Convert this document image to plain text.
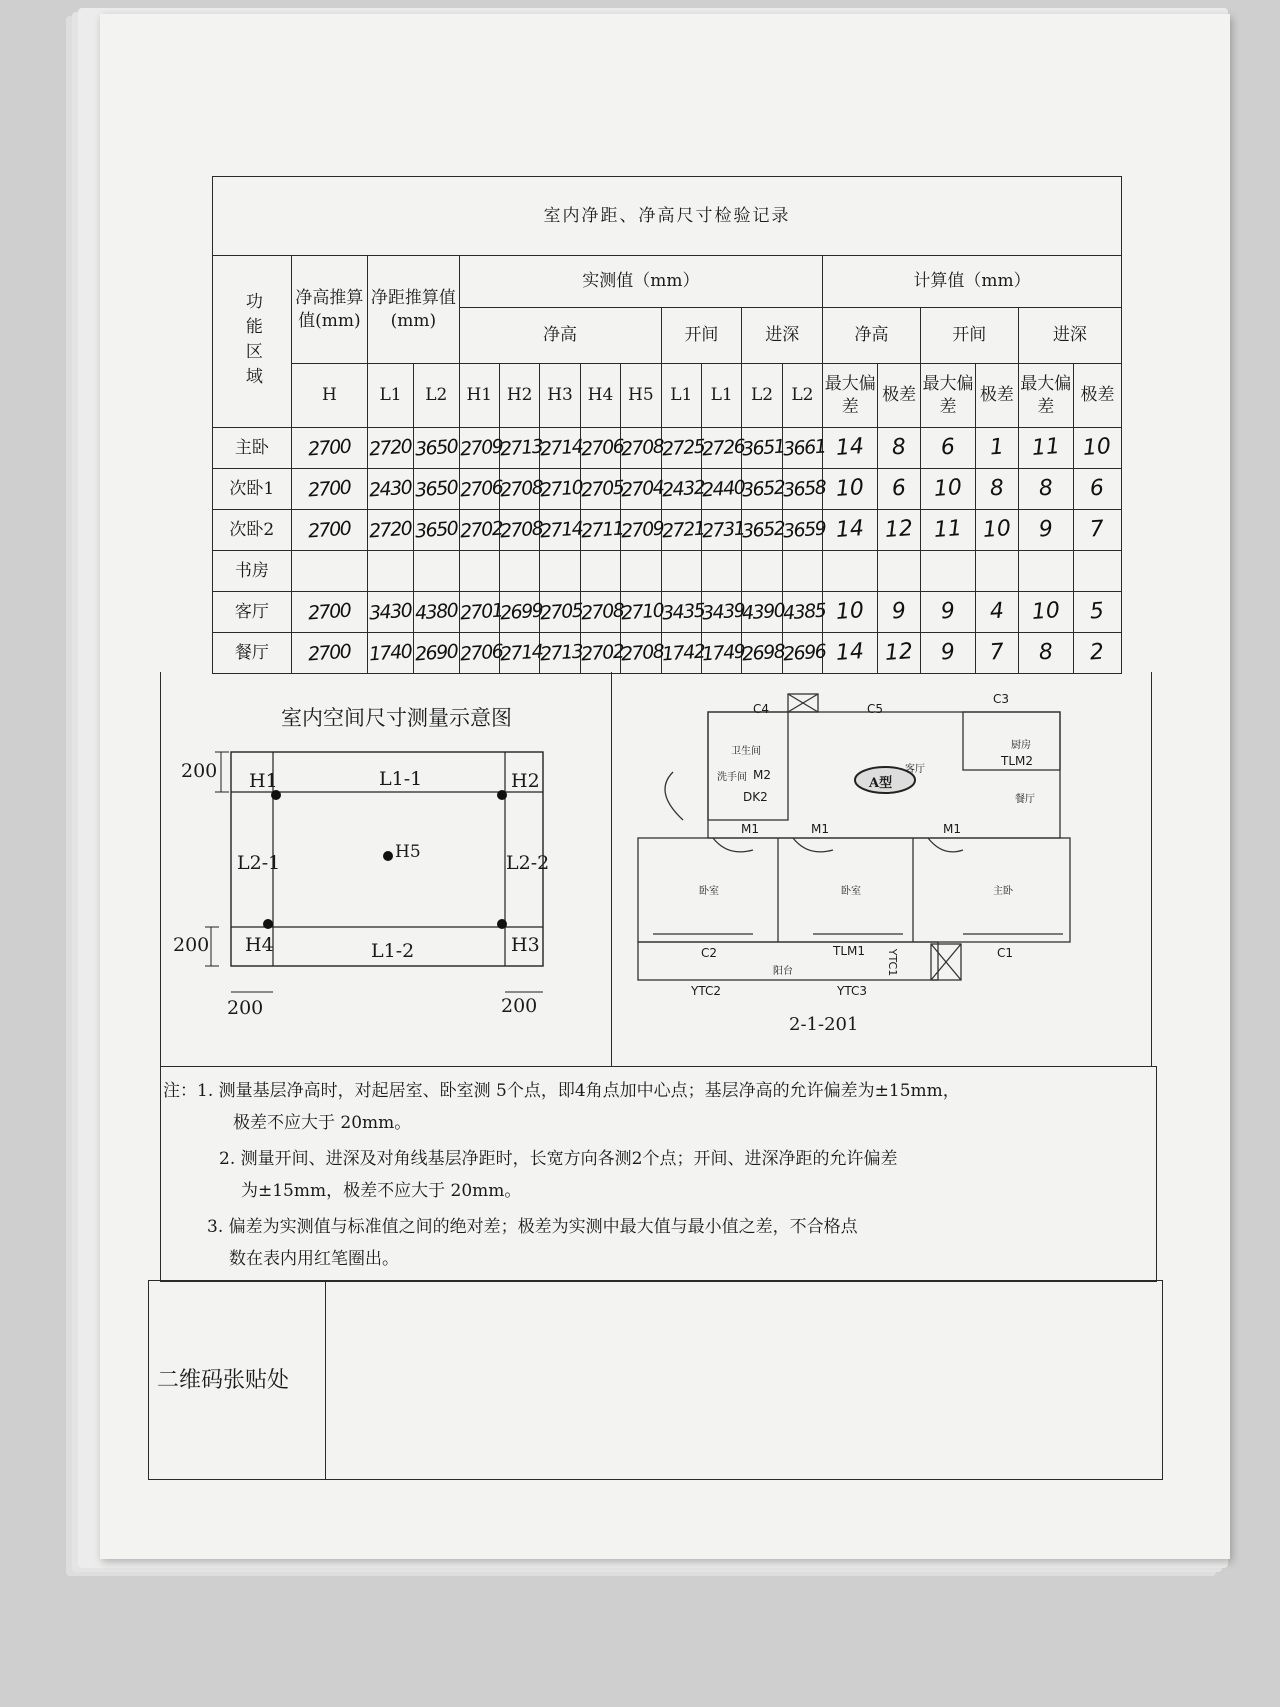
室内净距、净高尺寸检验记录																		
功能区域	净高推算值(mm)	净距推算值(mm)		实测值（mm）									计算值（mm）					
				净高					开间		进深		净高		开间		进深	
	H	L1	L2	H1	H2	H3	H4	H5	L1	L1	L2	L2	最大偏差	极差	最大偏差	极差	最大偏差	极差
主卧	2700	2720	3650	2709	2713	2714	2706	2708	2725	2726	3651	3661	14	8	6	1	11	10
次卧1	2700	2430	3650	2706	2708	2710	2705	2704	2432	2440	3652	3658	10	6	10	8	8	6
次卧2	2700	2720	3650	2702	2708	2714	2711	2709	2721	2731	3652	3659	14	12	11	10	9	7
书房																		
客厅	2700	3430	4380	2701	2699	2705	2708	2710	3435	3439	4390	4385	10	9	9	4	10	5
餐厅	2700	1740	2690	2706	2714	2713	2702	2708	1742	1749	2698	2696	14	12	9	7	8	2
室内空间尺寸测量示意图
200
200
200	200
H1	H2
H4	H3
H5
L1-1
L1-2
L2-1	L2-2
C4	C5
C3
卫生间
洗手间 M2
DK2
厨房
TLM2
客厅
餐厅
A型
M1	M1	M1
卧室	卧室	主卧
C2	TLM1	C1
阳台	YTC1
YTC2	YTC3
2-1-201
注：1. 测量基层净高时，对起居室、卧室测 5个点，即4角点加中心点；基层净高的允许偏差为±15mm，
极差不应大于 20mm。
2. 测量开间、进深及对角线基层净距时，长宽方向各测2个点；开间、进深净距的允许偏差
为±15mm，极差不应大于 20mm。
3. 偏差为实测值与标准值之间的绝对差；极差为实测中最大值与最小值之差，不合格点
数在表内用红笔圈出。
二维码张贴处
